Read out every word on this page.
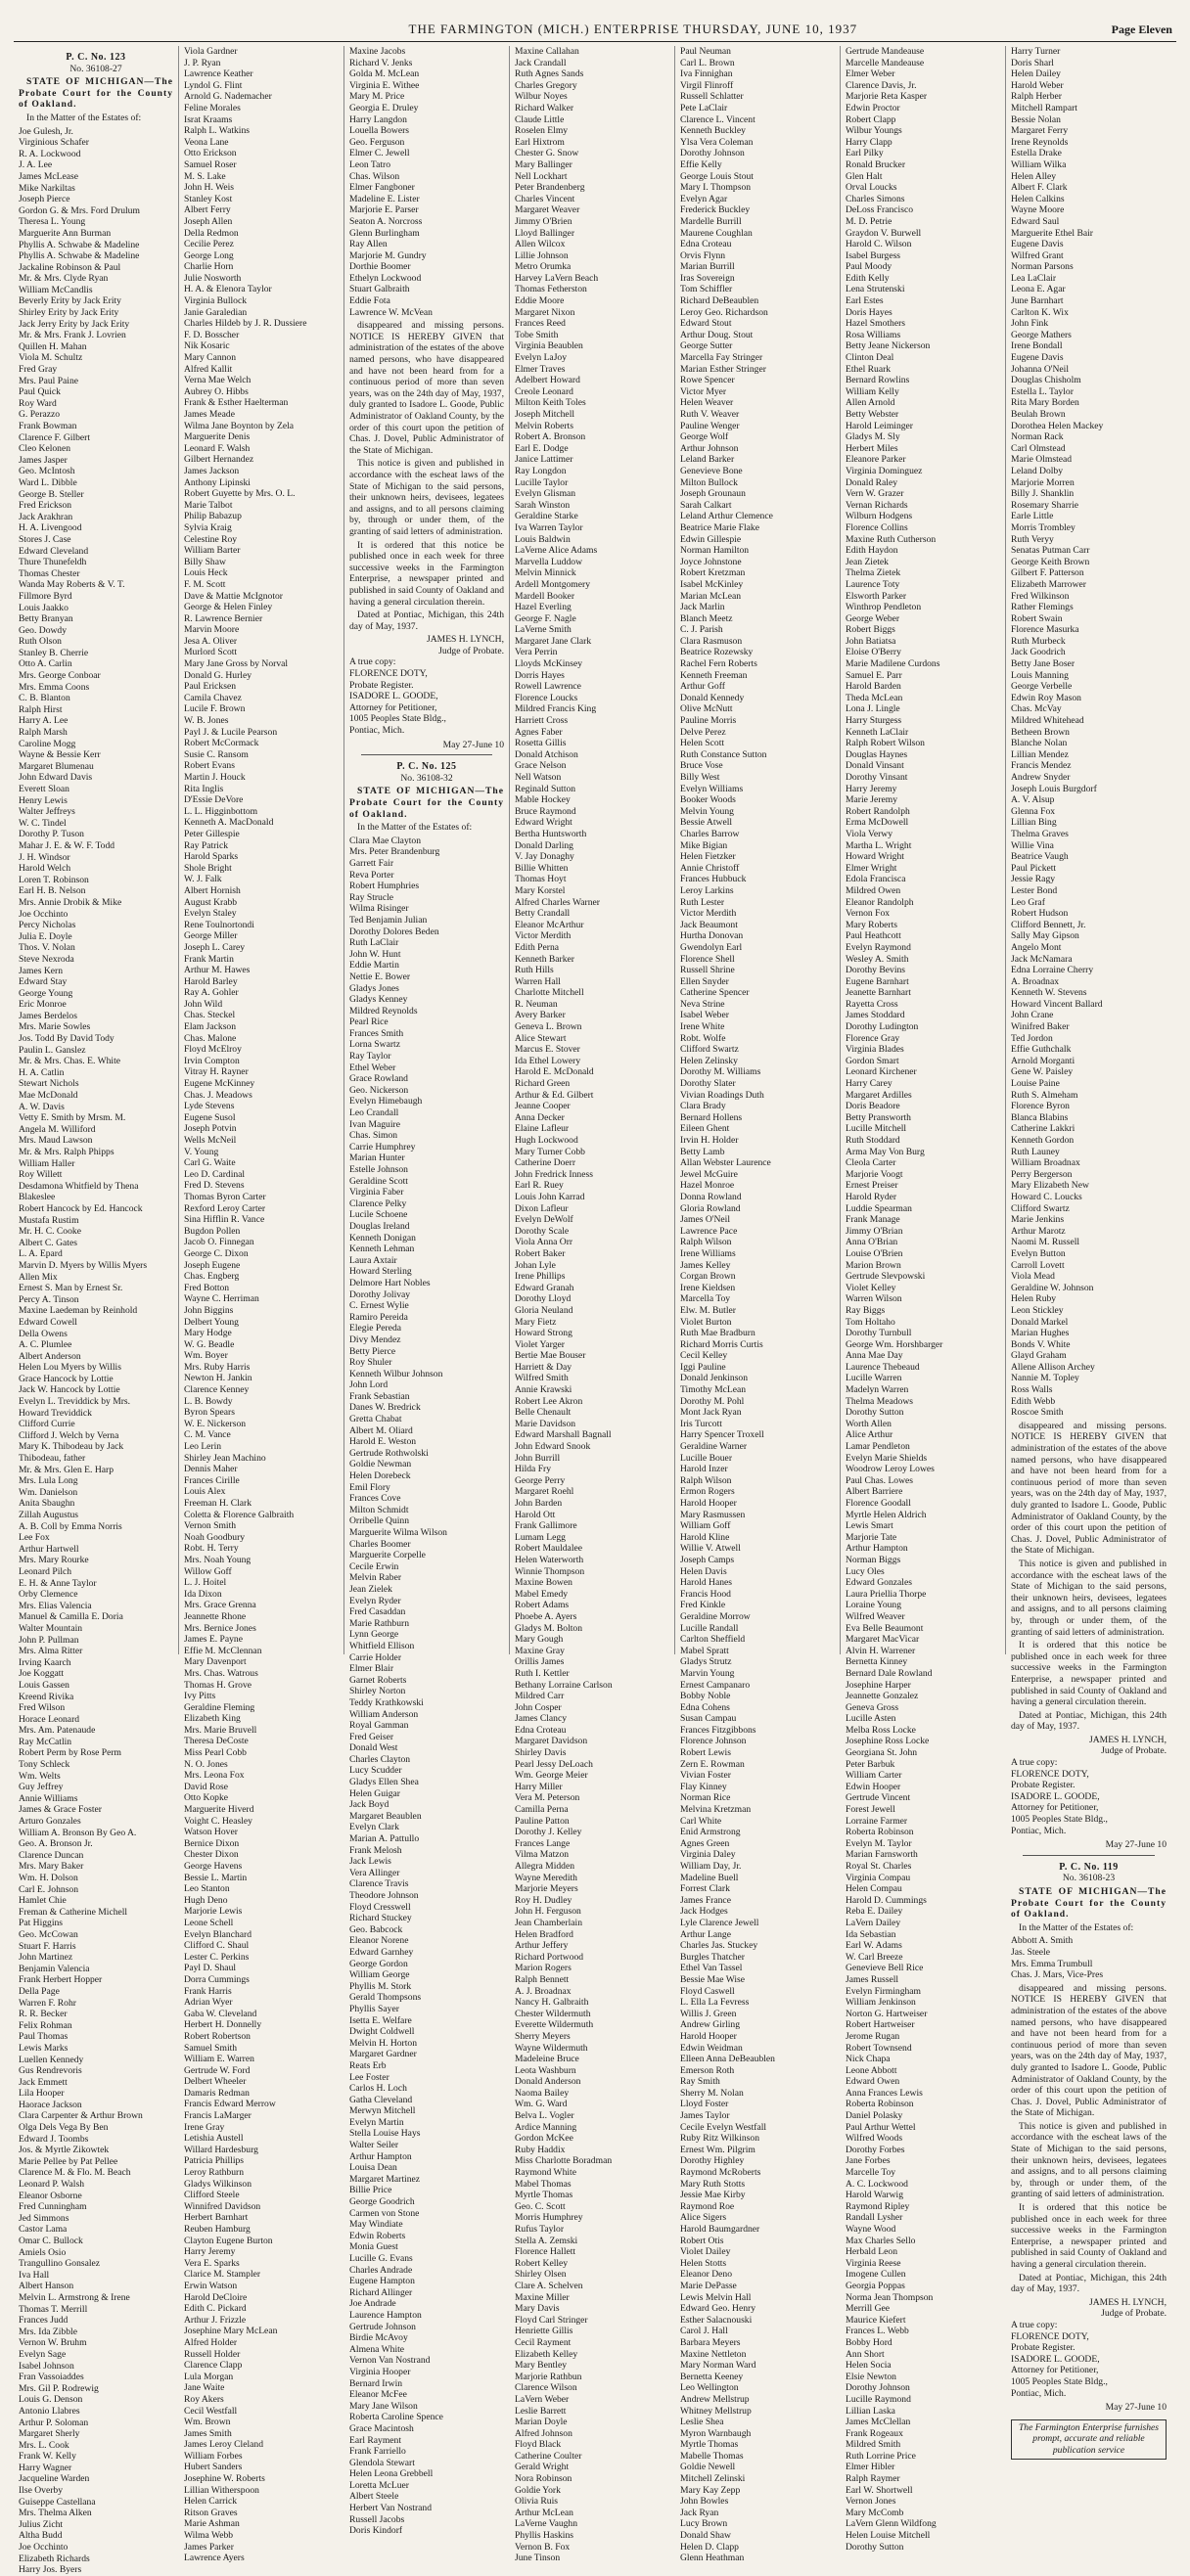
THE FARMINGTON (MICH.) ENTERPRISE THURSDAY, JUNE 10, 1937	Page Eleven
P. C. No. 123
No. 36108-27
STATE OF MICHIGAN—The Probate Court for the County of Oakland.
In the Matter of the Estates of:
Joe Gulesh, Jr.
Virginious Schafer
R. A. Lockwood
J. A. Lee
James McLease
Mike Narkiltas
Joseph Pierce
Gordon G. & Mrs. Ford Drulum
Theresa L. Young
Marguerite Ann Burman
Phyllis A. Schwabe & Madeline
Phyllis A. Schwabe & Madeline
Jackaline Robinson & Paul
Mr. & Mrs. Clyde Ryan
William McCandlis
Beverly Erity by Jack Erity
Shirley Erity by Jack Erity
Jack Jerry Erity by Jack Erity
Mr. & Mrs. Frank J. Lovrien
Quillen H. Mahan
Viola M. Schultz
Fred Gray
Mrs. Paul Paine
Paul Quick
Roy Ward
G. Perazzo
Frank Bowman
Clarence F. Gilbert
Cleo Kelonen
James Jasper
Geo. McIntosh
Ward L. Dibble
George B. Steller
Fred Erickson
Jack Arakhran
H. A. Livengood
Stores J. Case
Edward Cleveland
Thure Thunefeldh
Thomas Chester
Wanda May Roberts & V. T.
Fillmore Byrd
Louis Jaakko
Betty Branyan
Geo. Dowdy
Ruth Olson
Stanley B. Cherrie
Otto A. Carlin
Mrs. George Conboar
Mrs. Emma Coons
C. B. Blanton
Ralph Hirst
Harry A. Lee
Ralph Marsh
Caroline Mogg
Wayne & Bessie Kerr
Margaret Blumenau
John Edward Davis
Everett Sloan
Henry Lewis
Walter Jeffreys
W. C. Tindel
Dorothy P. Tuson
Mahar J. E. & W. F. Todd
J. H. Windsor
Harold Welch
Loren T. Robinson
Earl H. B. Nelson
Mrs. Annie Drobik & Mike
Joe Occhinto
Percy Nicholas
Julia E. Doyle
Thos. V. Nolan
Steve Nexroda
James Kern
Edward Stay
George Young
Eric Monroe
James Berdelos
Mrs. Marie Sowles
Jos. Todd By David Tody
Paulin L. Ganslez
Mr. & Mrs. Chas. E. White
H. A. Catlin
Stewart Nichols
Mae McDonald
A. W. Davis
Vetty E. Smith by Mrsm. M.
Angela M. Williford
Mrs. Maud Lawson
Mr. & Mrs. Ralph Phipps
William Haller
Roy Willett
Desdamona Whitfield by Thena
Blakeslee
Robert Hancock by Ed. Hancock
Mustafa Rustim
Mr. H. C. Cooke
Albert C. Gates
L. A. Epard
Marvin D. Myers by Willis Myers
Allen Mix
Ernest S. Man by Ernest Sr.
Percy A. Tinson
Maxine Laedeman by Reinhold
Edward Cowell
Della Owens
A. C. Plumlee
Albert Anderson
Helen Lou Myers by Willis
Grace Hancock by Lottie
Jack W. Hancock by Lottie
Evelyn L. Treviddick by Mrs.
Howard Treviddick
Clifford Currie
Clifford J. Welch by Verna
Mary K. Thibodeau by Jack
Thibodeau, father
Mr. & Mrs. Glen E. Harp
Mrs. Lula Long
Wm. Danielson
Anita Sbaughn
Zillah Augustus
A. B. Coll by Emma Norris
Lee Fox
Arthur Hartwell
Mrs. Mary Rourke
Leonard Pilch
E. H. & Anne Taylor
Orby Clemence
Mrs. Elias Valencia
Manuel & Camilla E. Doria
Walter Mountain
John P. Pullman
Mrs. Alma Ritter
Irving Kaarch
Joe Koggatt
Louis Gassen
Kreend Rivika
Fred Wilson
Horace Leonard
Mrs. Am. Patenaude
Ray McCatlin
Robert Perm by Rose Perm
Tony Schleck
Wm. Welts
Guy Jeffrey
Annie Williams
James & Grace Foster
Arturo Gonzales
William A. Bronson By Geo A.
Geo. A. Bronson Jr.
Clarence Duncan
Mrs. Mary Baker
Wm. H. Dolson
Carl E. Johnson
Hamlet Chie
Freman & Catherine Michell
Pat Higgins
Geo. McCowan
Stuart F. Harris
John Martinez
Benjamin Valencia
Frank Herbert Hopper
Della Page
Warren F. Rohr
R. R. Becker
Felix Rohman
Paul Thomas
Lewis Marks
Luellen Kennedy
Gus Rendrevoris
Jack Emmett
Lila Hooper
Haorace Jackson
Clara Carpenter & Arthur Brown
Olga Dels Vega By Ben
Edward J. Toombs
Jos. & Myrtle Zikowtek
Marie Pellee by Pat Pellee
Clarence M. & Flo. M. Beach
Leonard P. Walsh
Eleanor Osborne
Fred Cunningham
Jed Simmons
Castor Lama
Omar C. Bullock
Amiels Osio
Trangullino Gonsalez
Iva Hall
Albert Hanson
Melvin L. Armstrong & Irene
Thomas T. Merrill
Frances Judd
Mrs. Ida Zibble
Vernon W. Bruhm
Evelyn Sage
Isabel Johnson
Fran Vassoiaddes
Mrs. Gil P. Rodrewig
Louis G. Denson
Antonio Llabres
Arthur P. Soloman
Margaret Sherly
Mrs. L. Cook
Frank W. Kelly
Harry Wagner
Jacqueline Warden
Ilse Overby
Guiseppe Castellana
Mrs. Thelma Alken
Julius Zicht
Altha Budd
Joe Occhinto
Elizabeth Richards
Harry Jos. Byers
Viola Gardner
J. P. Ryan
Lawrence Keather
Lyndol G. Flint
Arnold G. Nademacher
Feline Morales
Israt Kraams
Ralph L. Watkins
Veona Lane
Otto Erickson
Samuel Roser
M. S. Lake
John H. Weis
Stanley Kost
Albert Ferry
Joseph Allen
Della Redmon
Cecilie Perez
George Long
Charlie Horn
Julie Nosworth
H. A. & Elenora Taylor
Virginia Bullock
Janie Garaledian
Charles Hildeb by J. R. Dussiere
F. D. Bosscher
Nik Kosaric
Mary Cannon
Alfred Kallit
Verna Mae Welch
Aubrey O. Hibbs
Frank & Esther Haelterman
James Meade
Wilma Jane Boynton by Zela
Marguerite Denis
Leonard F. Walsh
Gilbert Hernandez
James Jackson
Anthony Lipinski
Robert Guyette by Mrs. O. L.
Marie Talbot
Philip Babazup
Sylvia Kraig
Celestine Roy
William Barter
Billy Shaw
Louis Heck
F. M. Scott
Dave & Mattie McIgnotor
George & Helen Finley
R. Lawrence Bernier
Marvin Moore
Jesa A. Oliver
Murlord Scott
Mary Jane Gross by Norval
Donald G. Hurley
Paul Ericksen
Camila Chavez
Lucile F. Brown
W. B. Jones
Payl J. & Lucile Pearson
Robert McCormack
Susie C. Ransom
Robert Evans
Martin J. Houck
Rita Inglis
D'Essie DeVore
L. L. Higginbottom
Kenneth A. MacDonald
Peter Gillespie
Ray Patrick
Harold Sparks
Shole Bright
W. J. Falk
Albert Hornish
August Krabb
Evelyn Staley
Rene Toulnortondi
George Miller
Joseph L. Carey
Frank Martin
Arthur M. Hawes
Harold Barley
Ray A. Gohler
John Wild
Chas. Steckel
Elam Jackson
Chas. Malone
Floyd McElroy
Irvin Compton
Vitray H. Rayner
Eugene McKinney
Chas. J. Meadows
Lyde Stevens
Eugene Susol
Joseph Potvin
Wells McNeil
V. Young
Carl G. Waite
Leo D. Cardinal
Fred D. Stevens
Thomas Byron Carter
Rexford Leroy Carter
Sina Hifflin R. Vance
Bugdon Pollen
Jacob O. Finnegan
George C. Dixon
Joseph Eugene
Chas. Engberg
Fred Botton
Wayne C. Herriman
John Biggins
Delbert Young
Mary Hodge
W. G. Beadle
Wm. Boyer
Mrs. Ruby Harris
Newton H. Jankin
Clarence Kenney
L. B. Bowdy
Byron Spears
W. E. Nickerson
C. M. Vance
Leo Lerin
Shirley Jean Machino
Dennis Maher
Frances Cirille
Louis Alex
Freeman H. Clark
Coletta & Florence Galbraith
Vernon Smith
Noah Goodbury
Robt. H. Terry
Mrs. Noah Young
Willow Goff
L. J. Hoitel
Ida Dixon
Mrs. Grace Grenna
Jeannette Rhone
Mrs. Bernice Jones
James E. Payne
Effie M. McClennan
Mary Davenport
Mrs. Chas. Watrous
Thomas H. Grove
Ivy Pitts
Geraldine Fleming
Elizabeth King
Mrs. Marie Bruvell
Theresa DeCoste
Miss Pearl Cobb
N. O. Jones
Mrs. Leona Fox
David Rose
Otto Kopke
Marguerite Hiverd
Voight C. Heasley
Watson Hover
Bernice Dixon
Chester Dixon
George Havens
Bessie L. Martin
Leo Stanton
Hugh Deno
Marjorie Lewis
Leone Schell
Evelyn Blanchard
Clifford C. Shaul
Lester C. Perkins
Payl D. Shaul
Dorra Cummings
Frank Harris
Adrian Wyer
Gaba W. Cleveland
Herbert H. Donnelly
Robert Robertson
Samuel Smith
William E. Warren
Gertrude W. Ford
Delbert Wheeler
Damaris Redman
Francis Edward Merrow
Francis LaMarger
Irene Gray
Letishia Austell
Willard Hardesburg
Patricia Phillips
Leroy Rathburn
Gladys Wilkinson
Clifford Steele
Winnifred Davidson
Herbert Barnhart
Reuben Hamburg
Clayton Eugene Burton
Harry Jeremy
Vera E. Sparks
Clarice M. Stampler
Erwin Watson
Harold DeCloire
Edith C. Pickard
Arthur J. Frizzle
Josephine Mary McLean
Alfred Holder
Russell Holder
Clarence Clapp
Lula Morgan
Jane Waite
Roy Akers
Cecil Westfall
Wm. Brown
James Smith
James Leroy Cleland
William Forbes
Hubert Sanders
Josephine W. Roberts
Lillian Witherspoon
Helen Carrick
Ritson Graves
Marie Ashman
Wilma Webb
James Parker
Lawrence Ayers
Maxine Jacobs
Richard V. Jenks
Golda M. McLean
Virginia E. Withee
Mary M. Price
Georgia E. Druley
Harry Langdon
Louella Bowers
Geo. Ferguson
Elmer C. Jewell
Leon Tatro
Chas. Wilson
Elmer Fangboner
Madeline E. Lister
Marjorie E. Parser
Seaton A. Norcross
Glenn Burlingham
Ray Allen
Marjorie M. Gundry
Dorthie Boomer
Ethelyn Lockwood
Stuart Galbraith
Eddie Fota
Lawrence W. McVean
disappeared and missing persons. NOTICE IS HEREBY GIVEN that administration of the estates of the above named persons, who have disappeared and have not been heard from for a continuous period of more than seven years, was on the 24th day of May, 1937, duly granted to Isadore L. Goode, Public Administrator of Oakland County, by the order of this court upon the petition of Chas. J. Dovel, Public Administrator of the State of Michigan.
This notice is given and published in accordance with the escheat laws of the State of Michigan to the said persons, their unknown heirs, devisees, legatees and assigns, and to all persons claiming by, through or under them, of the granting of said letters of administration.
It is ordered that this notice be published once in each week for three successive weeks in the Farmington Enterprise, a newspaper printed and published in said County of Oakland and having a general circulation therein.
Dated at Pontiac, Michigan, this 24th day of May, 1937.
JAMES H. LYNCH,
Judge of Probate.
A true copy:
FLORENCE DOTY,
Probate Register.
ISADORE L. GOODE,
Attorney for Petitioner,
1005 Peoples State Bldg.,
Pontiac, Mich.
May 27-June 10
P. C. No. 125
No. 36108-32
STATE OF MICHIGAN—The Probate Court for the County of Oakland.
In the Matter of the Estates of:
Clara Mae Clayton
Mrs. Peter Brandenburg
Garrett Fair
Reva Porter
Robert Humphries
Ray Strucle
Wilma Risinger
Ted Benjamin Julian
Dorothy Dolores Beden
Ruth LaClair
John W. Hunt
Eddie Martin
Nettie E. Bower
Gladys Jones
Gladys Kenney
Mildred Reynolds
Pearl Rice
Frances Smith
Lorna Swartz
Ray Taylor
Ethel Weber
Grace Rowland
Geo. Nickerson
Evelyn Himebaugh
Leo Crandall
Ivan Maguire
Chas. Simon
Carrie Humphrey
Marian Hunter
Estelle Johnson
Geraldine Scott
Virginia Faber
Clarence Pelky
Lucile Schoene
Douglas Ireland
Kenneth Donigan
Kenneth Lehman
Laura Axtair
Howard Sterling
Delmore Hart Nobles
Dorothy Jolivay
C. Ernest Wylie
Ramiro Pereida
Elegie Pereda
Divy Mendez
Betty Pierce
Roy Shuler
Kenneth Wilbur Johnson
John Lord
Frank Sebastian
Danes W. Bredrick
Gretta Chabat
Albert M. Oliard
Harold E. Weston
Gertrude Rothwolski
Goldie Newman
Helen Dorebeck
Emil Flory
Frances Cove
Milton Schmidt
Orribelle Quinn
Marguerite Wilma Wilson
Charles Boomer
Marguerite Corpelle
Cecile Erwin
Melvin Raber
Jean Zielek
Evelyn Ryder
Fred Casaddan
Marie Rathburn
Lynn George
Whitfield Ellison
Carrie Holder
Elmer Blair
Garnet Roberts
Shirley Norton
Teddy Krathkowski
William Anderson
Royal Gamman
Fred Geiser
Donald West
Charles Clayton
Lucy Scudder
Gladys Ellen Shea
Helen Guigar
Jack Boyd
Margaret Beaublen
Evelyn Clark
Marian A. Pattullo
Frank Melosh
Jack Lewis
Vera Allinger
Clarence Travis
Theodore Johnson
Floyd Cresswell
Richard Stuckey
Geo. Babcock
Eleanor Norene
Edward Garnhey
George Gordon
William George
Phyllis M. Stork
Gerald Thompsons
Phyllis Sayer
Isetta E. Welfare
Dwight Coldwell
Melvin H. Horton
Margaret Gardner
Reats Erb
Lee Foster
Carlos H. Loch
Gatha Cleveland
Merwyn Mitchell
Evelyn Martin
Stella Louise Hays
Walter Seiler
Arthur Hampton
Louisa Dean
Margaret Martinez
Billie Price
George Goodrich
Carmen von Stone
May Windiate
Edwin Roberts
Monia Guest
Lucille G. Evans
Charles Andrade
Eugene Hampton
Richard Allinger
Joe Andrade
Laurence Hampton
Gertrude Johnson
Birdie McAvoy
Almena White
Vernon Van Nostrand
Virginia Hooper
Bernard Irwin
Eleanor McFee
Mary Jane Wilson
Roberta Caroline Spence
Grace Macintosh
Earl Rayment
Frank Farriello
Glendola Stewart
Helen Leona Grebbell
Loretta McLuer
Albert Steele
Herbert Van Nostrand
Russell Jacobs
Doris Kindorf
Maxine Callahan
Jack Crandall
Ruth Agnes Sands
Charles Gregory
Wilbur Noyes
Richard Walker
Claude Little
Roselen Elmy
Earl Hixtrom
Chester G. Snow
Mary Ballinger
Nell Lockhart
Peter Brandenberg
Charles Vincent
Margaret Weaver
Jimmy O'Brien
Lloyd Ballinger
Allen Wilcox
Lillie Johnson
Metro Orumka
Harvey LaVern Beach
Thomas Fetherston
Eddie Moore
Margaret Nixon
Frances Reed
Tobe Smith
Virginia Beaublen
Evelyn LaJoy
Elmer Traves
Adelbert Howard
Creole Leonard
Milton Keith Toles
Joseph Mitchell
Melvin Roberts
Robert A. Bronson
Earl E. Dodge
Janice Lattimer
Ray Longdon
Lucille Taylor
Evelyn Glisman
Sarah Winston
Geraldine Starke
Iva Warren Taylor
Louis Baldwin
LaVerne Alice Adams
Marvella Luddow
Melvin Minnick
Ardell Montgomery
Mardell Booker
Hazel Everling
George F. Nagle
LaVerne Smith
Margaret Jane Clark
Vera Perrin
Lloyds McKinsey
Dorris Hayes
Rowell Lawrence
Florence Loucks
Mildred Francis King
Harriett Cross
Agnes Faber
Rosetta Gillis
Donald Atchison
Grace Nelson
Nell Watson
Reginald Sutton
Mable Hockey
Bruce Raymond
Edward Wright
Bertha Huntsworth
Donald Darling
V. Jay Donaghy
Billie Whitten
Thomas Hoyt
Mary Korstel
Alfred Charles Warner
Betty Crandall
Eleanor McArthur
Victor Merdith
Edith Perna
Kenneth Barker
Ruth Hills
Warren Hall
Charlotte Mitchell
R. Neuman
Avery Barker
Geneva L. Brown
Alice Stewart
Marcus E. Stover
Ida Ethel Lowery
Harold E. McDonald
Richard Green
Arthur & Ed. Gilbert
Jeanne Cooper
Anna Decker
Elaine Lafleur
Hugh Lockwood
Mary Turner Cobb
Catherine Doerr
John Fredrick Inness
Earl R. Ruey
Louis John Karrad
Dixon Lafleur
Evelyn DeWolf
Dorothy Scale
Viola Anna Orr
Robert Baker
Johan Lyle
Irene Phillips
Edward Granah
Dorothy Lloyd
Gloria Neuland
Mary Fietz
Howard Strong
Violet Yarger
Bertie Mae Bouser
Harriett & Day
Wilfred Smith
Annie Krawski
Robert Lee Akron
Belle Chenault
Marie Davidson
Edward Marshall Bagnall
John Edward Snook
John Burrill
Hilda Fry
George Perry
Margaret Roehl
John Barden
Harold Ott
Frank Gallimore
Lumam Legg
Robert Mauldalee
Helen Waterworth
Winnie Thompson
Maxine Bowen
Mabel Emedy
Robert Adams
Phoebe A. Ayers
Gladys M. Bolton
Mary Gough
Maxine Gray
Orillis James
Ruth I. Kettler
Bethany Lorraine Carlson
Mildred Carr
John Cosper
James Clancy
Edna Croteau
Margaret Davidson
Shirley Davis
Pearl Jessy DeLoach
Wm. George Meier
Harry Miller
Vera M. Peterson
Camilla Perna
Pauline Patton
Dorothy J. Kelley
Frances Lange
Vilma Matzon
Allegra Midden
Wayne Meredith
Marjorie Meyers
Roy H. Dudley
John H. Ferguson
Jean Chamberlain
Helen Bradford
Arthur Jeffery
Richard Portwood
Marion Rogers
Ralph Bennett
A. J. Broadnax
Nancy H. Galbraith
Chester Wildermuth
Everette Wildermuth
Sherry Meyers
Wayne Wildermuth
Madeleine Bruce
Leota Washburn
Donald Anderson
Naoma Bailey
Wm. G. Ward
Belva L. Vogler
Ardice Manning
Gordon McKee
Ruby Haddix
Miss Charlotte Boradman
Raymond White
Mabel Thomas
Myrtle Thomas
Geo. C. Scott
Morris Humphrey
Rufus Taylor
Stella A. Zemski
Florence Hallett
Robert Kelley
Shirley Olsen
Clare A. Schelven
Maxine Miller
Mary Davis
Floyd Carl Stringer
Henriette Gillis
Cecil Rayment
Elizabeth Kelley
Mary Bentley
Marjorie Rathbun
Clarence Wilson
LaVern Weber
Leslie Barrett
Marian Doyle
Alfred Johnson
Floyd Black
Catherine Coulter
Gerald Wright
Nora Robinson
Goldie York
Olivia Ruis
Arthur McLean
LaVerne Vaughn
Phyllis Haskins
Vernon B. Fox
June Tinson
Paul Neuman
Carl L. Brown
Iva Finnighan
Virgil Flinroff
Russell Schlatter
Pete LaClair
Clarence L. Vincent
Kenneth Buckley
Ylsa Vera Coleman
Dorothy Johnson
Effie Kelly
George Louis Stout
Mary I. Thompson
Evelyn Agar
Frederick Buckley
Mardelle Burrill
Maurene Coughlan
Edna Croteau
Orvis Flynn
Marian Burrill
Iras Sovereign
Tom Schiffler
Richard DeBeaublen
Leroy Geo. Richardson
Edward Stout
Arthur Doug. Stout
George Sutter
Marcella Fay Stringer
Marian Esther Stringer
Rowe Spencer
Victor Myer
Helen Weaver
Ruth V. Weaver
Pauline Wenger
George Wolf
Arthur Johnson
Leland Barker
Genevieve Bone
Milton Bullock
Joseph Grounaun
Sarah Calkart
Leland Arthur Clemence
Beatrice Marie Flake
Edwin Gillespie
Norman Hamilton
Joyce Johnstone
Robert Kretzman
Isabel McKinley
Marian McLean
Jack Marlin
Blanch Meetz
C. J. Parish
Clara Rasmuson
Beatrice Rozewsky
Rachel Fern Roberts
Kenneth Freeman
Arthur Goff
Donald Kennedy
Olive McNutt
Pauline Morris
Delve Perez
Helen Scott
Ruth Constance Sutton
Bruce Vose
Billy West
Evelyn Williams
Booker Woods
Melvin Young
Bessie Atwell
Charles Barrow
Mike Bigian
Helen Fietzker
Annie Christoff
Frances Hubbuck
Leroy Larkins
Ruth Lester
Victor Merdith
Jack Beaumont
Hurtha Donovan
Gwendolyn Earl
Florence Shell
Russell Shrine
Ellen Snyder
Catherine Spencer
Neva Strine
Isabel Weber
Irene White
Robt. Wolfe
Clifford Swartz
Helen Zelinsky
Dorothy M. Williams
Dorothy Slater
Vivian Roadings Duth
Clara Brady
Bernard Hollens
Eileen Ghent
Irvin H. Holder
Betty Lamb
Allan Webster Laurence
Jewel McGuire
Hazel Monroe
Donna Rowland
Gloria Rowland
James O'Neil
Lawrence Pace
Ralph Wilson
Irene Williams
James Kelley
Corgan Brown
Irene Kieldsen
Marcella Toy
Elw. M. Butler
Violet Burton
Ruth Mae Bradburn
Richard Morris Curtis
Cecil Kelley
Iggi Pauline
Donald Jenkinson
Timothy McLean
Dorothy M. Pohl
Mont Jack Ryan
Iris Turcott
Harry Spencer Troxell
Geraldine Warner
Lucille Bouer
Harold Inzer
Ralph Wilson
Ermon Rogers
Harold Hooper
Mary Rasmussen
William Goff
Harold Kline
Willie V. Atwell
Joseph Camps
Helen Davis
Harold Hanes
Francis Hood
Fred Kinkle
Geraldine Morrow
Lucille Randall
Carlton Sheffield
Mabel Spratt
Gladys Strutz
Marvin Young
Ernest Campanaro
Bobby Noble
Edna Cohens
Susan Campau
Frances Fitzgibbons
Florence Johnson
Robert Lewis
Zern E. Rowman
Vivian Foster
Flay Kinney
Norman Rice
Melvina Kretzman
Carl White
Enid Armstrong
Agnes Green
Virginia Daley
William Day, Jr.
Madeline Buell
Forrest Clark
James France
Jack Hodges
Lyle Clarence Jewell
Arthur Lange
Charles Jas. Stuckey
Burgles Thatcher
Ethel Van Tassel
Bessie Mae Wise
Floyd Caswell
L. Ella La Fevress
Willis J. Green
Andrew Girling
Harold Hooper
Edwin Weidman
Elleen Anna DeBeaublen
Emerson Roth
Ray Smith
Sherry M. Nolan
Lloyd Foster
James Taylor
Cecile Evelyn Westfall
Ruby Ritz Wilkinson
Ernest Wm. Pilgrim
Dorothy Highley
Raymond McRoberts
Mary Ruth Stotts
Jessie Mae Kirby
Raymond Roe
Alice Sigers
Harold Baumgardner
Robert Otis
Violet Dailey
Helen Stotts
Eleanor Deno
Marie DePasse
Lewis Melvin Hall
Edward Geo. Henry
Esther Salacnouski
Carol J. Hall
Barbara Meyers
Maxine Nettleton
Mary Norman Ward
Bernetta Keeney
Leo Wellington
Andrew Mellstrup
Whitney Mellstrup
Leslie Shea
Myron Warnbaugh
Myrtle Thomas
Mabelle Thomas
Goldie Newell
Mitchell Zelinski
Mary Kay Zepp
John Bowles
Jack Ryan
Lucy Brown
Donald Shaw
Helen D. Clapp
Glenn Heathman
Gertrude Mandeause
Marcelle Mandeause
Elmer Weber
Clarence Davis, Jr.
Marjorie Reta Kasper
Edwin Proctor
Robert Clapp
Wilbur Youngs
Harry Clapp
Earl Pilky
Ronald Brucker
Glen Halt
Orval Loucks
Charles Simons
DeLoss Francisco
M. D. Petrie
Graydon V. Burwell
Harold C. Wilson
Isabel Burgess
Paul Moody
Edith Kelly
Lena Strutenski
Earl Estes
Doris Hayes
Hazel Smothers
Rosa Williams
Betty Jeane Nickerson
Clinton Deal
Ethel Ruark
Bernard Rowlins
William Kelly
Allen Arnold
Betty Webster
Harold Leiminger
Gladys M. Sly
Herbert Miles
Eleanore Parker
Virginia Dominguez
Donald Raley
Vern W. Grazer
Vernan Richards
Wilburn Hodgens
Florence Collins
Maxine Ruth Cutherson
Edith Haydon
Jean Zietek
Thelma Zietek
Laurence Toty
Elsworth Parker
Winthrop Pendleton
George Weber
Robert Biggs
John Batiatsa
Eloise O'Berry
Marie Madilene Curdons
Samuel E. Parr
Harold Barden
Theda McLean
Lona J. Lingle
Harry Sturgess
Kenneth LaClair
Ralph Robert Wilson
Douglas Haynes
Donald Vinsant
Dorothy Vinsant
Harry Jeremy
Marie Jeremy
Robert Randolph
Erma McDowell
Viola Verwy
Martha L. Wright
Howard Wright
Elmer Wright
Edola Francisca
Mildred Owen
Eleanor Randolph
Vernon Fox
Mary Roberts
Paul Heathcott
Evelyn Raymond
Wesley A. Smith
Dorothy Bevins
Eugene Barnhart
Jeanette Barnhart
Rayetta Cross
James Stoddard
Dorothy Ludington
Florence Gray
Virginia Blades
Gordon Smart
Leonard Kirchener
Harry Carey
Margaret Ardilles
Doris Beadore
Betty Pransworth
Lucille Mitchell
Ruth Stoddard
Arma May Von Burg
Cleola Carter
Marjorie Voogt
Ernest Preiser
Harold Ryder
Luddie Spearman
Frank Manage
Jimmy O'Brian
Anna O'Brian
Louise O'Brien
Marion Brown
Gertrude Slevpowski
Violet Kelley
Warren Wilson
Ray Biggs
Tom Holtaho
Dorothy Turnbull
George Wm. Horshbarger
Anna Mae Day
Laurence Thebeaud
Lucille Warren
Madelyn Warren
Thelma Meadows
Dorothy Sutton
Worth Allen
Alice Arthur
Lamar Pendleton
Evelyn Marie Shields
Woodrow Leroy Lowes
Paul Chas. Lowes
Albert Barriere
Florence Goodall
Myrtle Helen Aldrich
Lewis Smart
Marjorie Tate
Arthur Hampton
Norman Biggs
Lucy Oles
Edward Gonzales
Laura Priellia Thorpe
Loraine Young
Wilfred Weaver
Eva Belle Beaumont
Margaret MacVicar
Alvin H. Warrener
Bernetta Kinney
Bernard Dale Rowland
Josephine Harper
Jeannette Gonzalez
Geneva Gross
Lucille Asten
Melba Ross Locke
Josephine Ross Locke
Georgiana St. John
Peter Barbuk
William Carter
Edwin Hooper
Gertrude Vincent
Forest Jewell
Lorraine Farmer
Roberta Robinson
Evelyn M. Taylor
Marian Farnsworth
Royal St. Charles
Virginia Compau
Helen Compau
Harold D. Cummings
Reba E. Dailey
LaVern Dailey
Ida Sebastian
Earl W. Adams
W. Carl Breeze
Genevieve Bell Rice
James Russell
Evelyn Firmingham
William Jenkinson
Norton G. Hartweiser
Robert Hartweiser
Jerome Rugan
Robert Townsend
Nick Chapa
Leone Abbott
Edward Owen
Anna Frances Lewis
Roberta Robinson
Daniel Polasky
Paul Arthur Wettel
Wilfred Woods
Dorothy Forbes
Jane Forbes
Marcelle Toy
A. C. Lockwood
Harold Warwig
Raymond Ripley
Randall Lysher
Wayne Wood
Max Charles Sello
Herbald Leon
Virginia Reese
Imogene Cullen
Georgia Poppas
Norma Jean Thompson
Merrill Gee
Maurice Kiefert
Frances L. Webb
Bobby Hord
Ann Short
Helen Socia
Elsie Newton
Dorothy Johnson
Lucille Raymond
Lillian Laska
James McClellan
Frank Rogeaux
Mildred Smith
Ruth Lorrine Price
Elmer Hibler
Ralph Raymer
Earl W. Shortwell
Vernon Jones
Mary McComb
LaVern Glenn Wildfong
Helen Louise Mitchell
Dorothy Sutton
Harry Turner
Doris Sharl
Helen Dailey
Harold Weber
Ralph Herber
Mitchell Rampart
Bessie Nolan
Margaret Ferry
Irene Reynolds
Estella Drake
William Wilka
Helen Alley
Albert F. Clark
Helen Calkins
Wayne Moore
Edward Saul
Marguerite Ethel Bair
Eugene Davis
Wilfred Grant
Norman Parsons
Lea LaClair
Leona E. Agar
June Barnhart
Carlton K. Wix
John Fink
George Mathers
Irene Bondall
Eugene Davis
Johanna O'Neil
Douglas Chisholm
Estella L. Taylor
Rita Mary Borden
Beulah Brown
Dorothea Helen Mackey
Norman Rack
Carl Olmstead
Marie Olmstead
Leland Dolby
Marjorie Morren
Billy J. Shanklin
Rosemary Sharrie
Earle Little
Morris Trombley
Ruth Veryy
Senatas Putman Carr
George Keith Brown
Gilbert F. Patterson
Elizabeth Marrower
Fred Wilkinson
Rather Flemings
Robert Swain
Florence Masurka
Ruth Murbeck
Jack Goodrich
Betty Jane Boser
Louis Manning
George Verbelle
Edwin Roy Mason
Chas. McVay
Mildred Whitehead
Betheen Brown
Blanche Nolan
Lillian Mendez
Francis Mendez
Andrew Snyder
Joseph Louis Burgdorf
A. V. Alsup
Glenna Fox
Lillian Bing
Thelma Graves
Willie Vina
Beatrice Vaugh
Paul Pickett
Jessie Ragy
Lester Bond
Leo Graf
Robert Hudson
Clifford Bennett, Jr.
Sally May Gipson
Angelo Mont
Jack McNamara
Edna Lorraine Cherry
A. Broadnax
Kenneth W. Stevens
Howard Vincent Ballard
John Crane
Winifred Baker
Ted Jordon
Effie Guthchalk
Arnold Morganti
Gene W. Paisley
Louise Paine
Ruth S. Almeham
Florence Byron
Blanca Blabins
Catherine Lakkri
Kenneth Gordon
Ruth Launey
William Broadnax
Perry Bergerson
Mary Elizabeth New
Howard C. Loucks
Clifford Swartz
Marie Jenkins
Arthur Marotz
Naomi M. Russell
Evelyn Button
Carroll Lovett
Viola Mead
Geraldine W. Johnson
Helen Ruby
Leon Stickley
Donald Markel
Marian Hughes
Bonds V. White
Glayd Graham
Allene Allison Archey
Nannie M. Topley
Ross Walls
Edith Webb
Roscoe Smith
disappeared and missing persons. NOTICE IS HEREBY GIVEN that administration of the estates of the above named persons, who have disappeared and have not been heard from for a continuous period of more than seven years, was on the 24th day of May, 1937, duly granted to Isadore L. Goode, Public Administrator of Oakland County, by the order of this court upon the petition of Chas. J. Dovel, Public Administrator of the State of Michigan.
This notice is given and published in accordance with the escheat laws of the State of Michigan to the said persons, their unknown heirs, devisees, legatees and assigns, and to all persons claiming by, through or under them, of the granting of said letters of administration.
It is ordered that this notice be published once in each week for three successive weeks in the Farmington Enterprise, a newspaper printed and published in said County of Oakland and having a general circulation therein.
Dated at Pontiac, Michigan, this 24th day of May, 1937.
JAMES H. LYNCH,
Judge of Probate.
A true copy:
FLORENCE DOTY,
Probate Register.
ISADORE L. GOODE,
Attorney for Petitioner,
1005 Peoples State Bldg.,
Pontiac, Mich.
May 27-June 10
P. C. No. 119
No. 36108-23
STATE OF MICHIGAN—The Probate Court for the County of Oakland.
In the Matter of the Estates of:
Abbott A. Smith
Jas. Steele
Mrs. Emma Trumbull
Chas. J. Mars, Vice-Pres
disappeared and missing persons. NOTICE IS HEREBY GIVEN that administration of the estates of the above named persons, who have disappeared and have not been heard from for a continuous period of more than seven years, was on the 24th day of May, 1937, duly granted to Isadore L. Goode, Public Administrator of Oakland County, by the order of this court upon the petition of Chas. J. Dovel, Public Administrator of the State of Michigan.
This notice is given and published in accordance with the escheat laws of the State of Michigan to the said persons, their unknown heirs, devisees, legatees and assigns, and to all persons claiming by, through or under them, of the granting of said letters of administration.
It is ordered that this notice be published once in each week for three successive weeks in the Farmington Enterprise, a newspaper printed and published in said County of Oakland and having a general circulation therein.
Dated at Pontiac, Michigan, this 24th day of May, 1937.
JAMES H. LYNCH,
Judge of Probate.
A true copy:
FLORENCE DOTY,
Probate Register.
ISADORE L. GOODE,
Attorney for Petitioner,
1005 Peoples State Bldg.,
Pontiac, Mich.
May 27-June 10
The Farmington Enterprise furnishes prompt, accurate and reliable publication service
